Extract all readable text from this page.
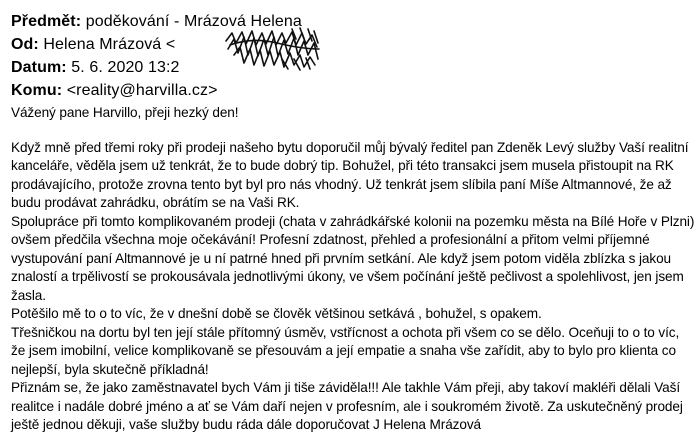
Předmět: poděkování - Mrázová Helena
Od: Helena Mrázová <
Datum: 5. 6. 2020 13:2
Komu: <reality@harvilla.cz>

Vážený pane Harvillo, přeji hezký den!

Když mně před třemi roky při prodeji našeho bytu doporučil můj bývalý ředitel pan Zdeněk Levý služby Vaší realitní
kanceláře, věděla jsem už tenkrát, že to bude dobrý tip. Bohužel, při této transakci jsem musela přistoupit na RK
prodávajícího, protože zrovna tento byt byl pro nás vhodný. Už tenkrát jsem slíbila paní Míše Altmannové, že až
budu prodávat zahrádku, obrátím se na Vaši RK.
Spolupráce při tomto komplikovaném prodeji (chata v zahrádkářské kolonii na pozemku města na Bílé Hoře v Plzni)
ovšem předčila všechna moje očekávání! Profesní zdatnost, přehled a profesionální a přitom velmi příjemné
vystupování paní Altmannové je u ní patrné hned při prvním setkání. Ale když jsem potom viděla zblízka s jakou
znalostí a trpělivostí se prokousávala jednotlivými úkony, ve všem počínání ještě pečlivost a spolehlivost, jen jsem
žasla.
Potěšilo mě to o to víc, že v dnešní době se člověk většinou setkává , bohužel, s opakem.
Třešničkou na dortu byl ten její stále přítomný úsměv, vstřícnost a ochota při všem co se dělo. Oceňuji to o to víc,
že jsem imobilní, velice komplikovaně se přesouvám a její empatie a snaha vše zařídit, aby to bylo pro klienta co
nejlepší, byla skutečně příkladná!
Přiznám se, že jako zaměstnavatel bych Vám ji tiše záviděla!!! Ale takhle Vám přeji, aby takoví makléři dělali Vaší
realitce i nadále dobré jméno a ať se Vám daří nejen v profesním, ale i soukromém životě. Za uskutečněný prodej
ještě jednou děkuji, vaše služby budu ráda dále doporučovat J Helena Mrázová
